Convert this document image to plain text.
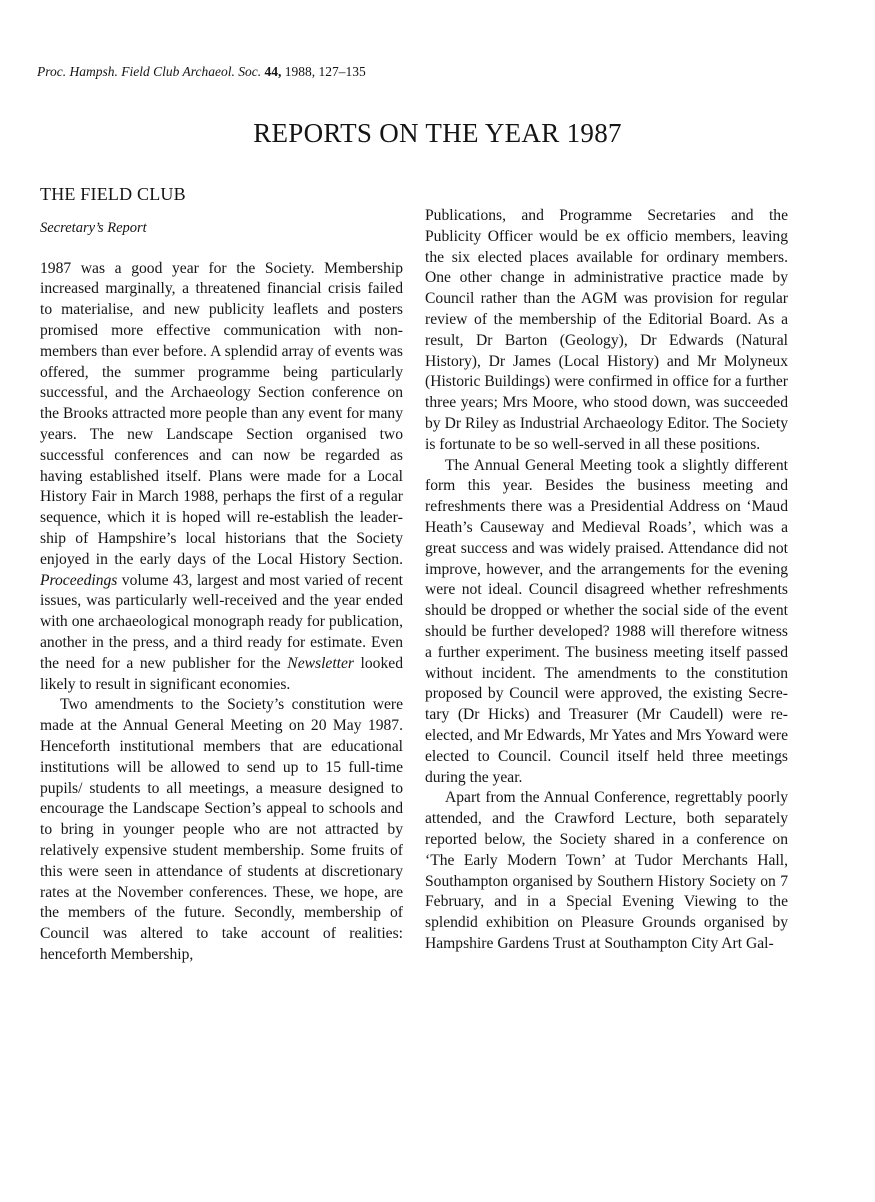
Proc. Hampsh. Field Club Archaeol. Soc. 44, 1988, 127–135
REPORTS ON THE YEAR 1987
THE FIELD CLUB
Secretary’s Report

1987 was a good year for the Society. Membership increased marginally, a threatened financial crisis failed to materialise, and new publicity leaflets and posters promised more effective communication with non-members than ever before. A splendid array of events was offered, the summer programme being particularly successful, and the Archaeology Section conference on the Brooks attracted more people than any event for many years. The new Landscape Section organised two successful conferences and can now be regarded as having established itself. Plans were made for a Local History Fair in March 1988, perhaps the first of a regular sequence, which it is hoped will re-establish the leadership of Hampshire’s local historians that the Society enjoyed in the early days of the Local History Section. Proceedings volume 43, largest and most varied of recent issues, was particularly well-received and the year ended with one archaeological monograph ready for publication, another in the press, and a third ready for estimate. Even the need for a new publisher for the Newsletter looked likely to result in significant economies.

Two amendments to the Society’s constitution were made at the Annual General Meeting on 20 May 1987. Henceforth institutional members that are educational institutions will be allowed to send up to 15 full-time pupils/ students to all meetings, a measure designed to encourage the Landscape Section’s appeal to schools and to bring in younger people who are not attracted by relatively expensive student membership. Some fruits of this were seen in attendance of students at discretionary rates at the November conferences. These, we hope, are the members of the future. Secondly, membership of Council was altered to take account of realities: henceforth Membership,

Publications, and Programme Secretaries and the Publicity Officer would be ex officio members, leaving the six elected places available for ordinary members. One other change in administrative practice made by Council rather than the AGM was provision for regular review of the membership of the Editorial Board. As a result, Dr Barton (Geology), Dr Edwards (Natural History), Dr James (Local History) and Mr Molyneux (Historic Buildings) were confirmed in office for a further three years; Mrs Moore, who stood down, was succeeded by Dr Riley as Industrial Archaeology Editor. The Society is fortunate to be so well-served in all these positions.

The Annual General Meeting took a slightly different form this year. Besides the business meeting and refreshments there was a Presidential Address on ‘Maud Heath’s Causeway and Medieval Roads’, which was a great success and was widely praised. Attendance did not improve, however, and the arrangements for the evening were not ideal. Council disagreed whether refreshments should be dropped or whether the social side of the event should be further developed? 1988 will therefore witness a further experiment. The business meeting itself passed without incident. The amendments to the constitution proposed by Council were approved, the existing Secretary (Dr Hicks) and Treasurer (Mr Caudell) were re-elected, and Mr Edwards, Mr Yates and Mrs Yoward were elected to Council. Council itself held three meetings during the year.

Apart from the Annual Conference, regrettably poorly attended, and the Crawford Lecture, both separately reported below, the Society shared in a conference on ‘The Early Modern Town’ at Tudor Merchants Hall, Southampton organised by Southern History Society on 7 February, and in a Special Evening Viewing to the splendid exhibition on Pleasure Grounds organised by Hampshire Gardens Trust at Southampton City Art Gal-
